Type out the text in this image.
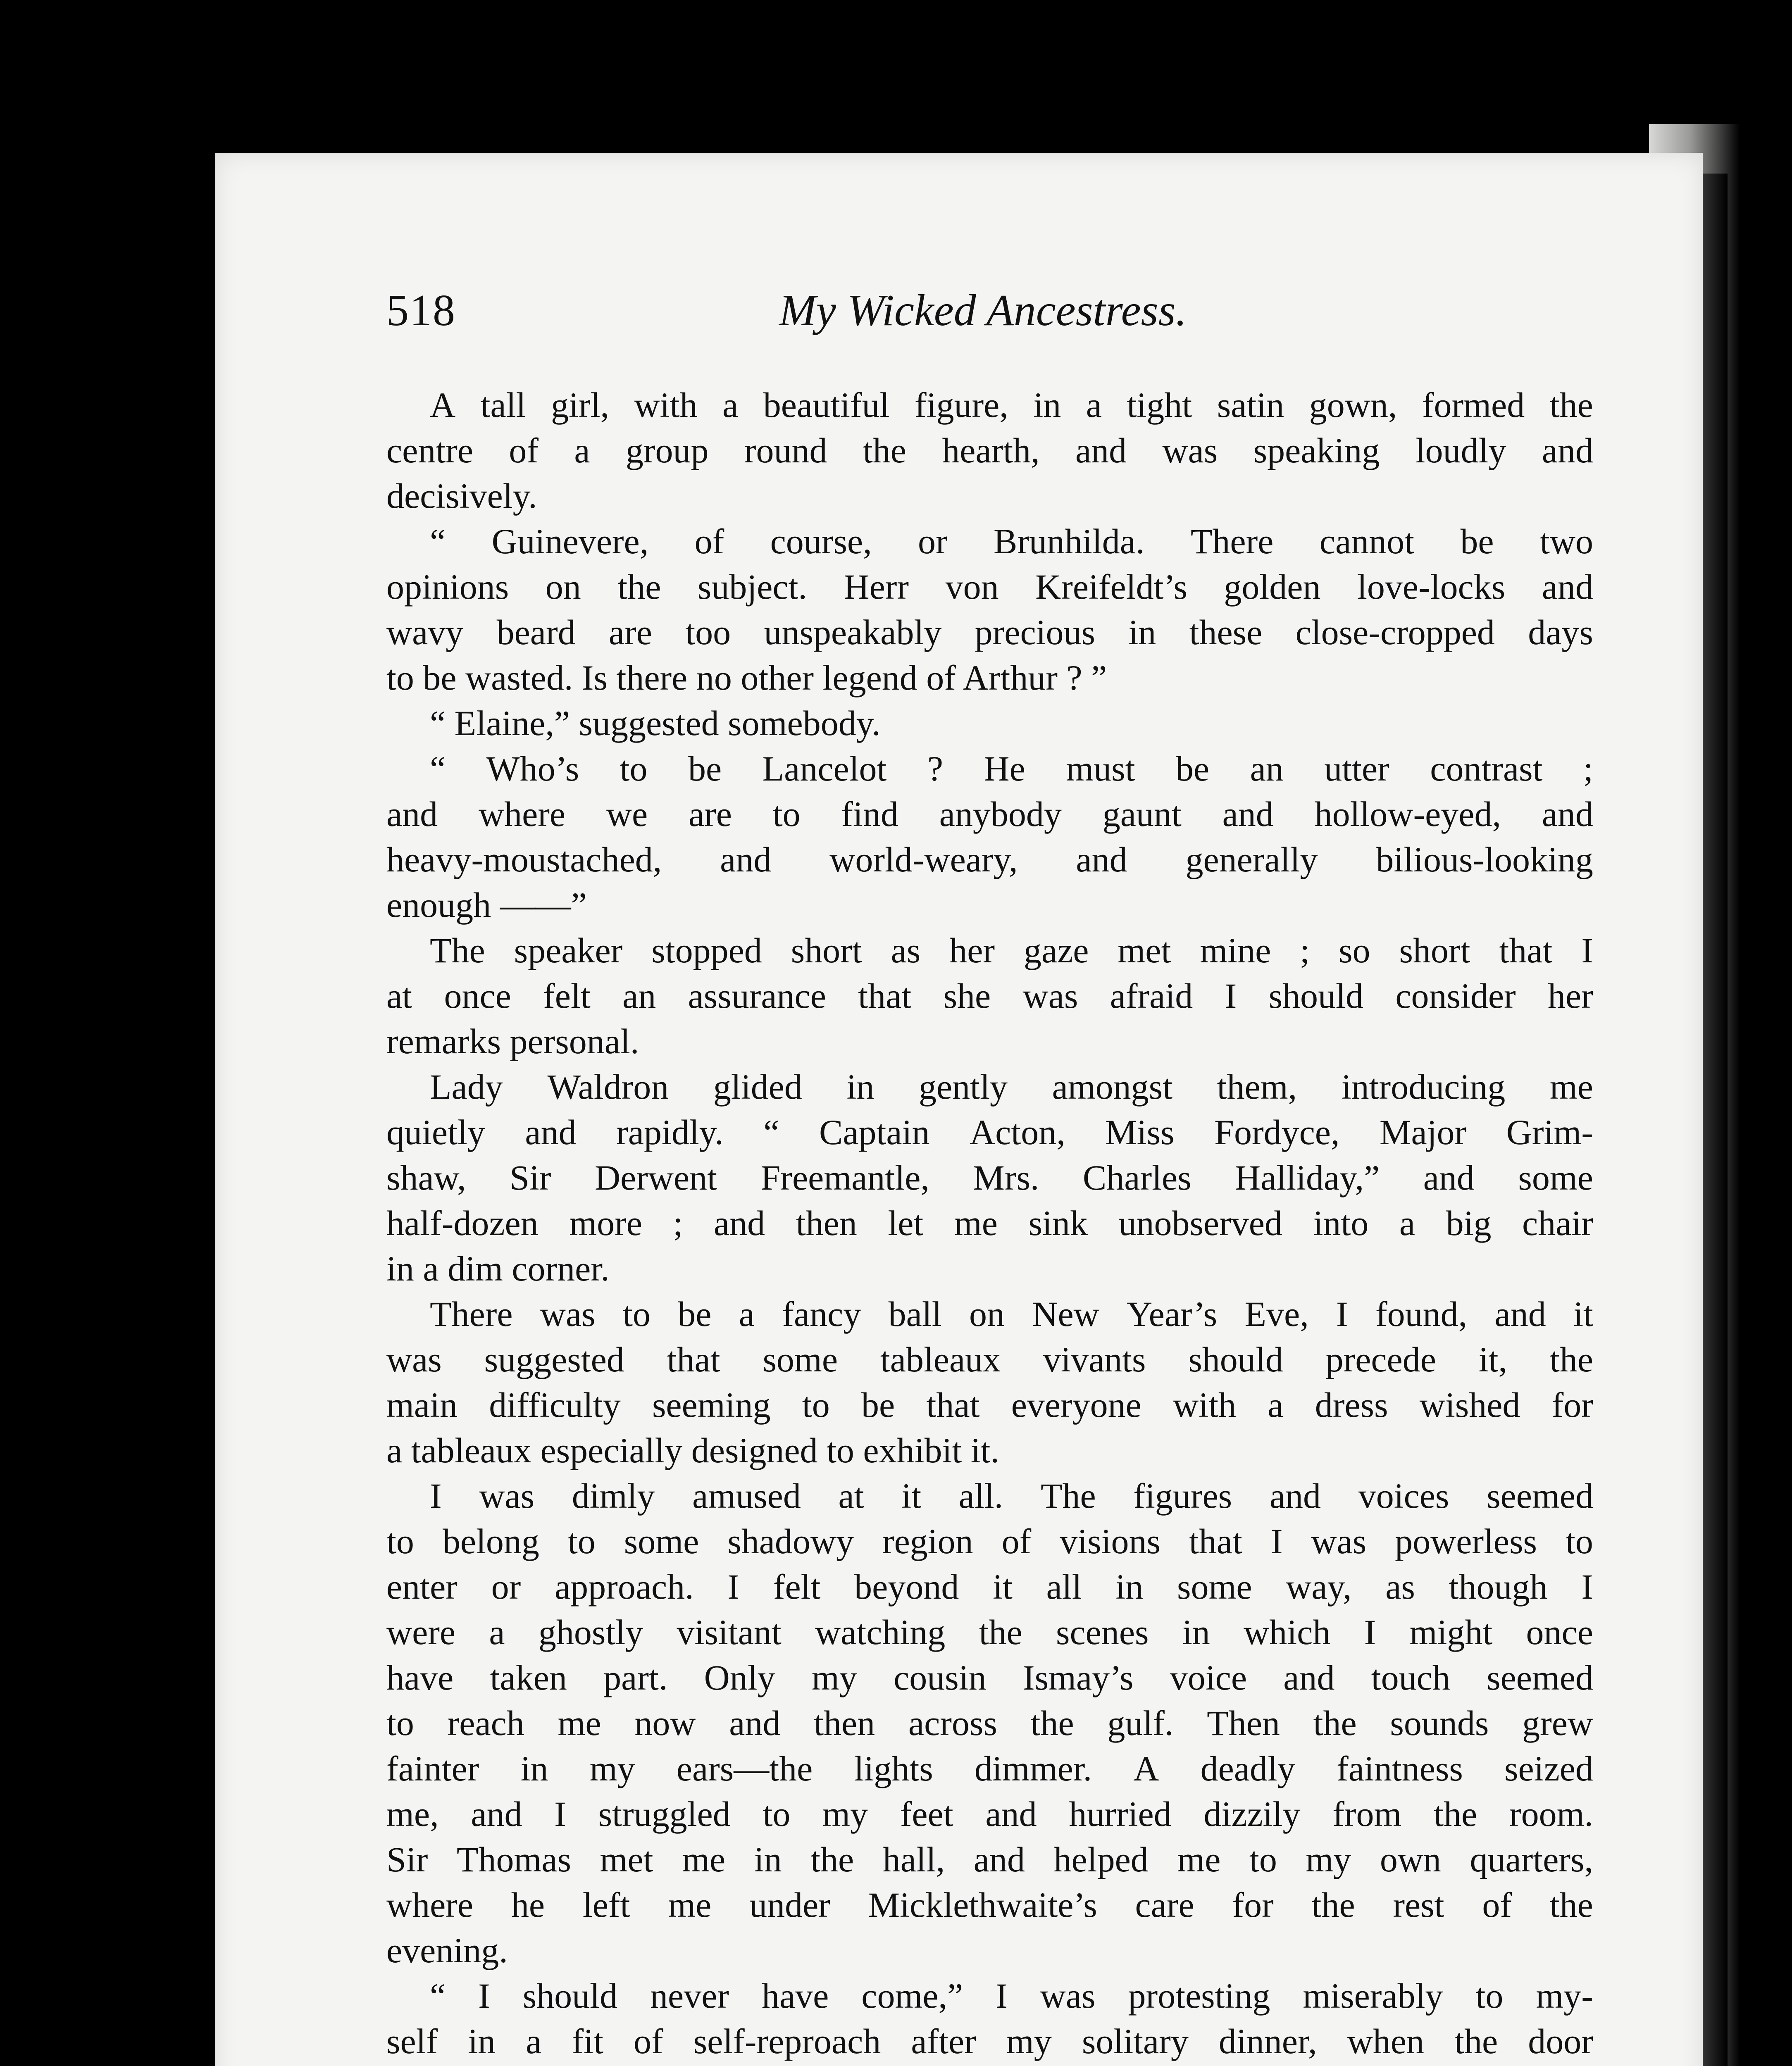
518	My Wicked Ancestress.
A tall girl, with a beautiful figure, in a tight satin gown, formed the
centre of a group round the hearth, and was speaking loudly and
decisively.
“ Guinevere, of course, or Brunhilda. There cannot be two
opinions on the subject. Herr von Kreifeldt’s golden love-locks and
wavy beard are too unspeakably precious in these close-cropped days
to be wasted. Is there no other legend of Arthur ? ”
“ Elaine,” suggested somebody.
“ Who’s to be Lancelot ? He must be an utter contrast ;
and where we are to find anybody gaunt and hollow-eyed, and
heavy-moustached, and world-weary, and generally bilious-looking
enough ——”
The speaker stopped short as her gaze met mine ; so short that I
at once felt an assurance that she was afraid I should consider her
remarks personal.
Lady Waldron glided in gently amongst them, introducing me
quietly and rapidly. “ Captain Acton, Miss Fordyce, Major Grim-
shaw, Sir Derwent Freemantle, Mrs. Charles Halliday,” and some
half-dozen more ; and then let me sink unobserved into a big chair
in a dim corner.
There was to be a fancy ball on New Year’s Eve, I found, and it
was suggested that some tableaux vivants should precede it, the
main difficulty seeming to be that everyone with a dress wished for
a tableaux especially designed to exhibit it.
I was dimly amused at it all. The figures and voices seemed
to belong to some shadowy region of visions that I was powerless to
enter or approach. I felt beyond it all in some way, as though I
were a ghostly visitant watching the scenes in which I might once
have taken part. Only my cousin Ismay’s voice and touch seemed
to reach me now and then across the gulf. Then the sounds grew
fainter in my ears—the lights dimmer. A deadly faintness seized
me, and I struggled to my feet and hurried dizzily from the room.
Sir Thomas met me in the hall, and helped me to my own quarters,
where he left me under Micklethwaite’s care for the rest of the
evening.
“ I should never have come,” I was protesting miserably to my-
self in a fit of self-reproach after my solitary dinner, when the door
